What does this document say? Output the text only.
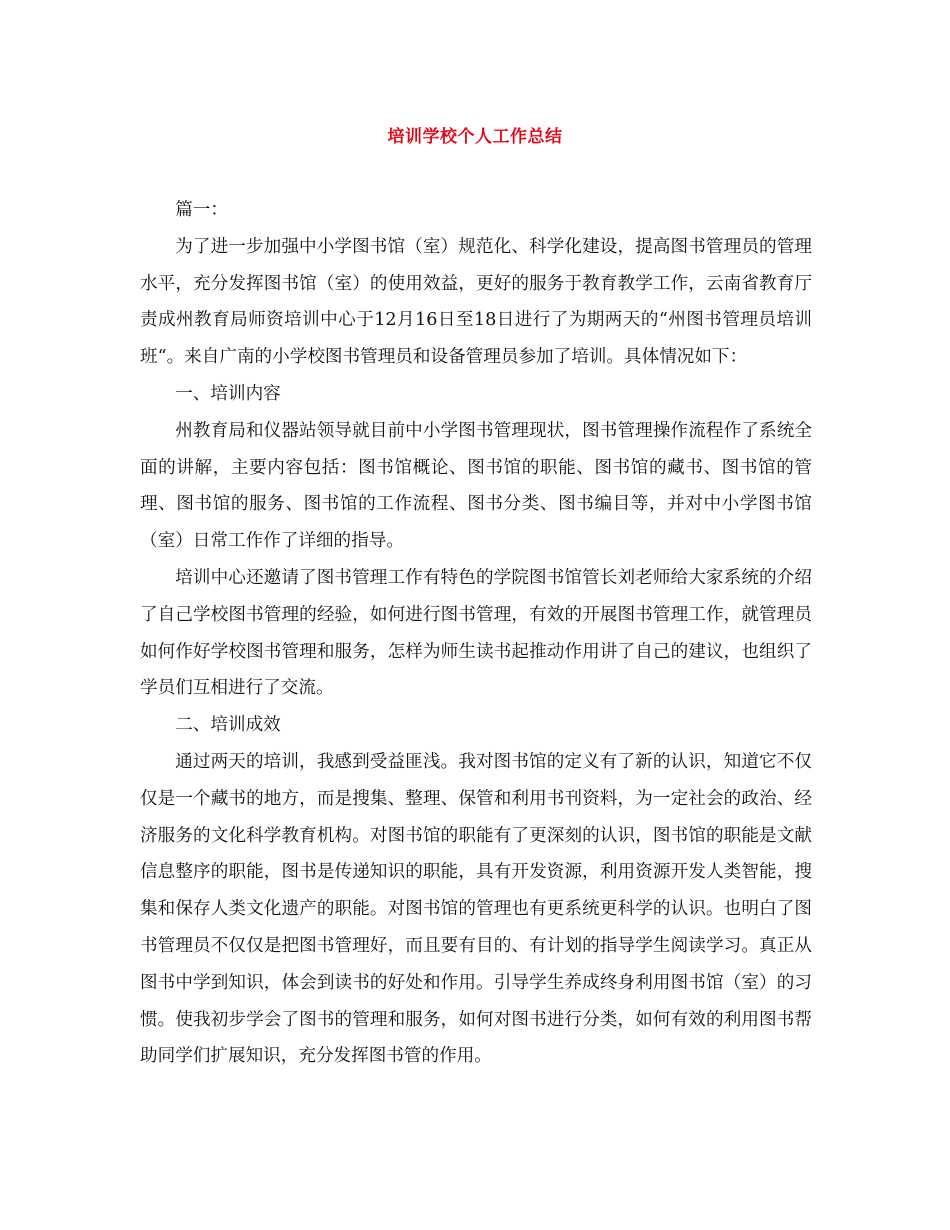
培训学校个人工作总结

篇一：

为了进一步加强中小学图书馆（室）规范化、科学化建设，提高图书管理员的管理水平，充分发挥图书馆（室）的使用效益，更好的服务于教育教学工作，云南省教育厅责成州教育局师资培训中心于12月16日至18日进行了为期两天的“州图书管理员培训班“。来自广南的小学校图书管理员和设备管理员参加了培训。具体情况如下：

一、培训内容

州教育局和仪器站领导就目前中小学图书管理现状，图书管理操作流程作了系统全面的讲解，主要内容包括：图书馆概论、图书馆的职能、图书馆的藏书、图书馆的管理、图书馆的服务、图书馆的工作流程、图书分类、图书编目等，并对中小学图书馆（室）日常工作作了详细的指导。

培训中心还邀请了图书管理工作有特色的学院图书馆管长刘老师给大家系统的介绍了自己学校图书管理的经验，如何进行图书管理，有效的开展图书管理工作，就管理员如何作好学校图书管理和服务，怎样为师生读书起推动作用讲了自己的建议，也组织了学员们互相进行了交流。

二、培训成效

通过两天的培训，我感到受益匪浅。我对图书馆的定义有了新的认识，知道它不仅仅是一个藏书的地方，而是搜集、整理、保管和利用书刊资料，为一定社会的政治、经济服务的文化科学教育机构。对图书馆的职能有了更深刻的认识，图书馆的职能是文献信息整序的职能，图书是传递知识的职能，具有开发资源，利用资源开发人类智能，搜集和保存人类文化遗产的职能。对图书馆的管理也有更系统更科学的认识。也明白了图书管理员不仅仅是把图书管理好，而且要有目的、有计划的指导学生阅读学习。真正从图书中学到知识，体会到读书的好处和作用。引导学生养成终身利用图书馆（室）的习惯。使我初步学会了图书的管理和服务，如何对图书进行分类，如何有效的利用图书帮助同学们扩展知识，充分发挥图书管的作用。
